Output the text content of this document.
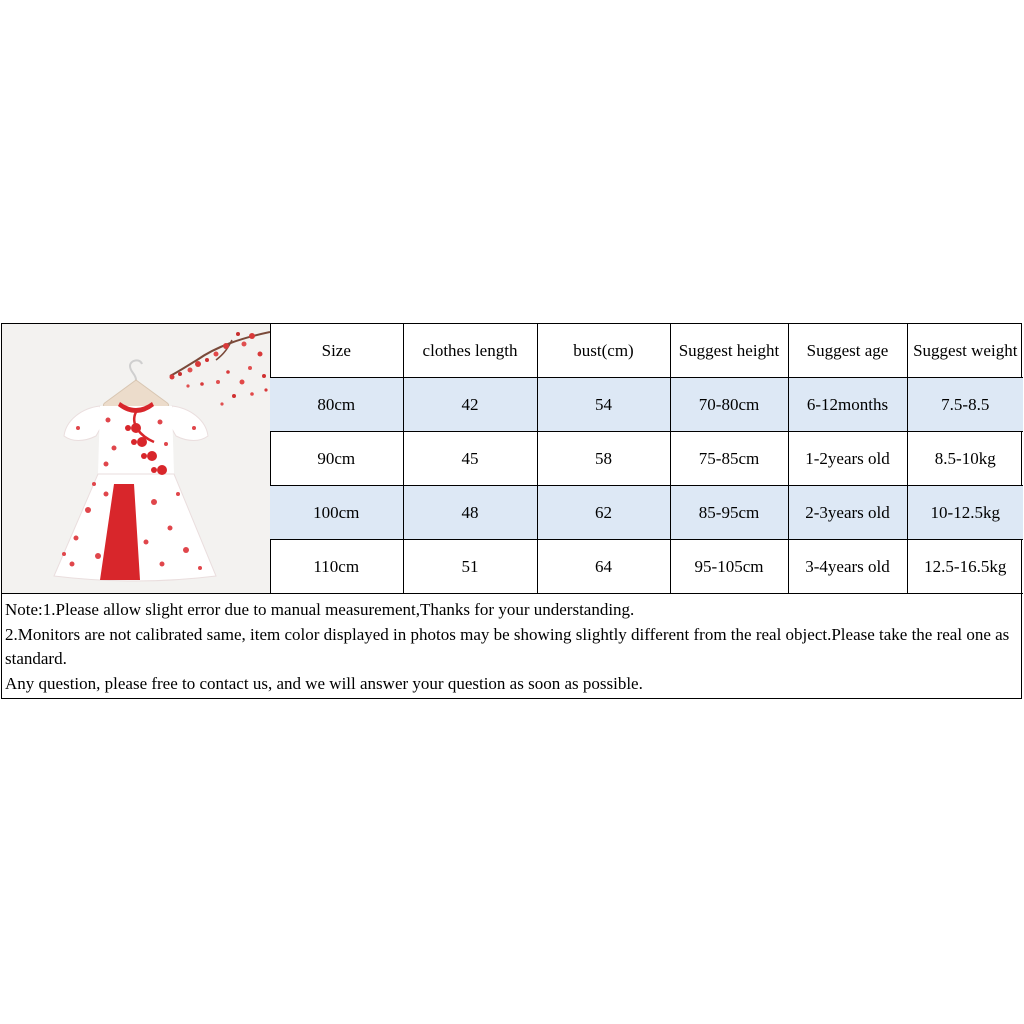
Size	clothes length	bust(cm)	Suggest height	Suggest age	Suggest weight
80cm	42	54	70-80cm	6-12months	7.5-8.5
90cm	45	58	75-85cm	1-2years old	8.5-10kg
100cm	48	62	85-95cm	2-3years old	10-12.5kg
110cm	51	64	95-105cm	3-4years old	12.5-16.5kg
Note:1.Please allow slight error due to manual measurement,Thanks for your understanding.
2.Monitors are not calibrated same, item color displayed in photos may be showing slightly different from the real object.Please take the real one as standard.
Any question, please free to contact us, and we will answer your question as soon as possible.
